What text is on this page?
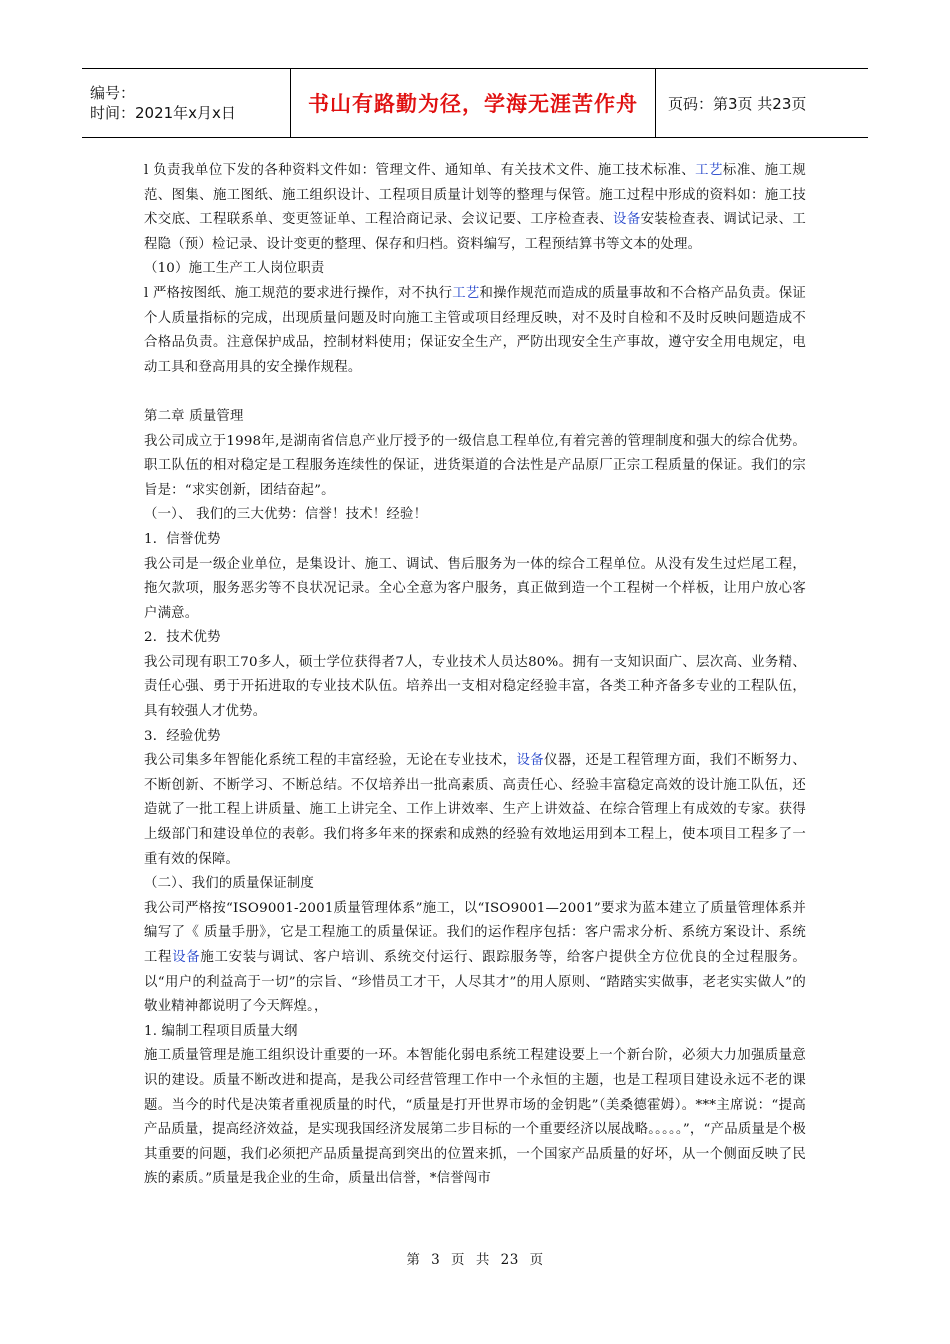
编号：
时间：2021年x月x日	书山有路勤为径，学海无涯苦作舟 页码：第3页 共23页

l 负责我单位下发的各种资料文件如：管理文件、通知单、有关技术文件、施工技术标准、工艺标准、施工规范、图集、施工图纸、施工组织设计、工程项目质量计划等的整理与保管。施工过程中形成的资料如：施工技术交底、工程联系单、变更签证单、工程洽商记录、会议记要、工序检查表、设备安装检查表、调试记录、工程隐（预）检记录、设计变更的整理、保存和归档。资料编写，工程预结算书等文本的处理。

（10）施工生产工人岗位职责

l 严格按图纸、施工规范的要求进行操作，对不执行工艺和操作规范而造成的质量事故和不合格产品负责。保证个人质量指标的完成，出现质量问题及时向施工主管或项目经理反映，对不及时自检和不及时反映问题造成不合格品负责。注意保护成品，控制材料使用；保证安全生产，严防出现安全生产事故，遵守安全用电规定，电动工具和登高用具的安全操作规程。

第二章 质量管理

我公司成立于1998年,是湖南省信息产业厅授予的一级信息工程单位,有着完善的管理制度和强大的综合优势。职工队伍的相对稳定是工程服务连续性的保证，进货渠道的合法性是产品原厂正宗工程质量的保证。我们的宗旨是：“求实创新，团结奋起”。

（一）、 我们的三大优势：信誉！技术！经验！

1．信誉优势

我公司是一级企业单位，是集设计、施工、调试、售后服务为一体的综合工程单位。从没有发生过烂尾工程，拖欠款项，服务恶劣等不良状况记录。全心全意为客户服务，真正做到造一个工程树一个样板，让用户放心客户满意。

2．技术优势

我公司现有职工70多人，硕士学位获得者7人，专业技术人员达80%。拥有一支知识面广、层次高、业务精、责任心强、勇于开拓进取的专业技术队伍。培养出一支相对稳定经验丰富，各类工种齐备多专业的工程队伍，具有较强人才优势。

3．经验优势

我公司集多年智能化系统工程的丰富经验，无论在专业技术，设备仪器，还是工程管理方面，我们不断努力、不断创新、不断学习、不断总结。不仅培养出一批高素质、高责任心、经验丰富稳定高效的设计施工队伍，还造就了一批工程上讲质量、施工上讲完全、工作上讲效率、生产上讲效益、在综合管理上有成效的专家。获得上级部门和建设单位的表彰。我们将多年来的探索和成熟的经验有效地运用到本工程上，使本项目工程多了一重有效的保障。

（二）、我们的质量保证制度

我公司严格按“ISO9001-2001质量管理体系”施工，以“ISO9001—2001”要求为蓝本建立了质量管理体系并编写了《 质量手册》，它是工程施工的质量保证。我们的运作程序包括：客户需求分析、系统方案设计、系统工程设备施工安装与调试、客户培训、系统交付运行、跟踪服务等，给客户提供全方位优良的全过程服务。以“用户的利益高于一切”的宗旨、“珍惜员工才干，人尽其才”的用人原则、“踏踏实实做事，老老实实做人”的敬业精神都说明了今天辉煌。，

1. 编制工程项目质量大纲

施工质量管理是施工组织设计重要的一环。本智能化弱电系统工程建设要上一个新台阶，必须大力加强质量意识的建设。质量不断改进和提高，是我公司经营管理工作中一个永恒的主题，也是工程项目建设永远不老的课题。当今的时代是决策者重视质量的时代，“质量是打开世界市场的金钥匙”（美桑德霍姆）。***主席说：“提高产品质量，提高经济效益，是实现我国经济发展第二步目标的一个重要经济以展战略。。。。。”，“产品质量是个极其重要的问题，我们必须把产品质量提高到突出的位置来抓，一个国家产品质量的好坏，从一个侧面反映了民族的素质。”质量是我企业的生命，质量出信誉，*信誉闯市

第 3 页 共 23 页
